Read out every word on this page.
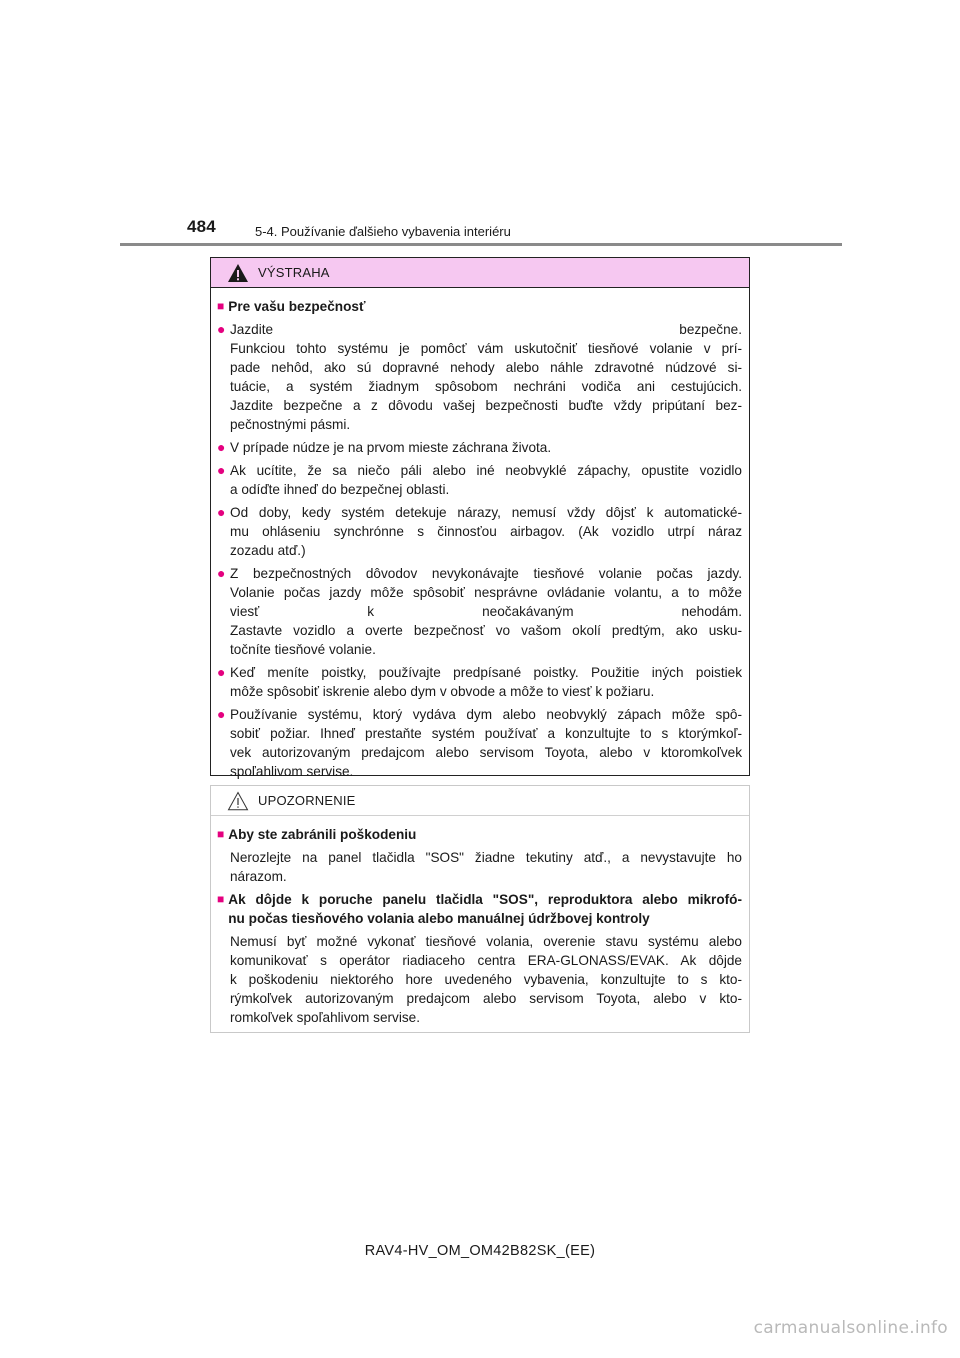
484	5-4. Používanie ďalšieho vybavenia interiéru
VÝSTRAHA
■ Pre vašu bezpečnosť
● Jazdite bezpečne.
Funkciou tohto systému je pomôcť vám uskutočniť tiesňové volanie v prí-
pade nehôd, ako sú dopravné nehody alebo náhle zdravotné núdzové si-
tuácie, a systém žiadnym spôsobom nechráni vodiča ani cestujúcich.
Jazdite bezpečne a z dôvodu vašej bezpečnosti buďte vždy pripútaní bez-
pečnostnými pásmi.
● V prípade núdze je na prvom mieste záchrana života.
● Ak ucítite, že sa niečo páli alebo iné neobvyklé zápachy, opustite vozidlo
a odíďte ihneď do bezpečnej oblasti.
● Od doby, kedy systém detekuje nárazy, nemusí vždy dôjsť k automatické-
mu ohláseniu synchrónne s činnosťou airbagov. (Ak vozidlo utrpí náraz
zozadu atď.)
● Z bezpečnostných dôvodov nevykonávajte tiesňové volanie počas jazdy.
Volanie počas jazdy môže spôsobiť nesprávne ovládanie volantu, a to môže
viesť k neočakávaným nehodám.
Zastavte vozidlo a overte bezpečnosť vo vašom okolí predtým, ako usku-
točníte tiesňové volanie.
● Keď meníte poistky, používajte predpísané poistky. Použitie iných poistiek
môže spôsobiť iskrenie alebo dym v obvode a môže to viesť k požiaru.
● Používanie systému, ktorý vydáva dym alebo neobvyklý zápach môže spô-
sobiť požiar. Ihneď prestaňte systém používať a konzultujte to s ktorýmkoľ-
vek autorizovaným predajcom alebo servisom Toyota, alebo v ktoromkoľvek
spoľahlivom servise.
UPOZORNENIE
■ Aby ste zabránili poškodeniu
Nerozlejte na panel tlačidla "SOS" žiadne tekutiny atď., a nevystavujte ho
nárazom.
■ Ak dôjde k poruche panelu tlačidla "SOS", reproduktora alebo mikrofó-
nu počas tiesňového volania alebo manuálnej údržbovej kontroly
Nemusí byť možné vykonať tiesňové volania, overenie stavu systému alebo
komunikovať s operátor riadiaceho centra ERA-GLONASS/EVAK. Ak dôjde
k poškodeniu niektorého hore uvedeného vybavenia, konzultujte to s kto-
rýmkoľvek autorizovaným predajcom alebo servisom Toyota, alebo v kto-
romkoľvek spoľahlivom servise.
RAV4-HV_OM_OM42B82SK_(EE)
carmanualsonline.info
